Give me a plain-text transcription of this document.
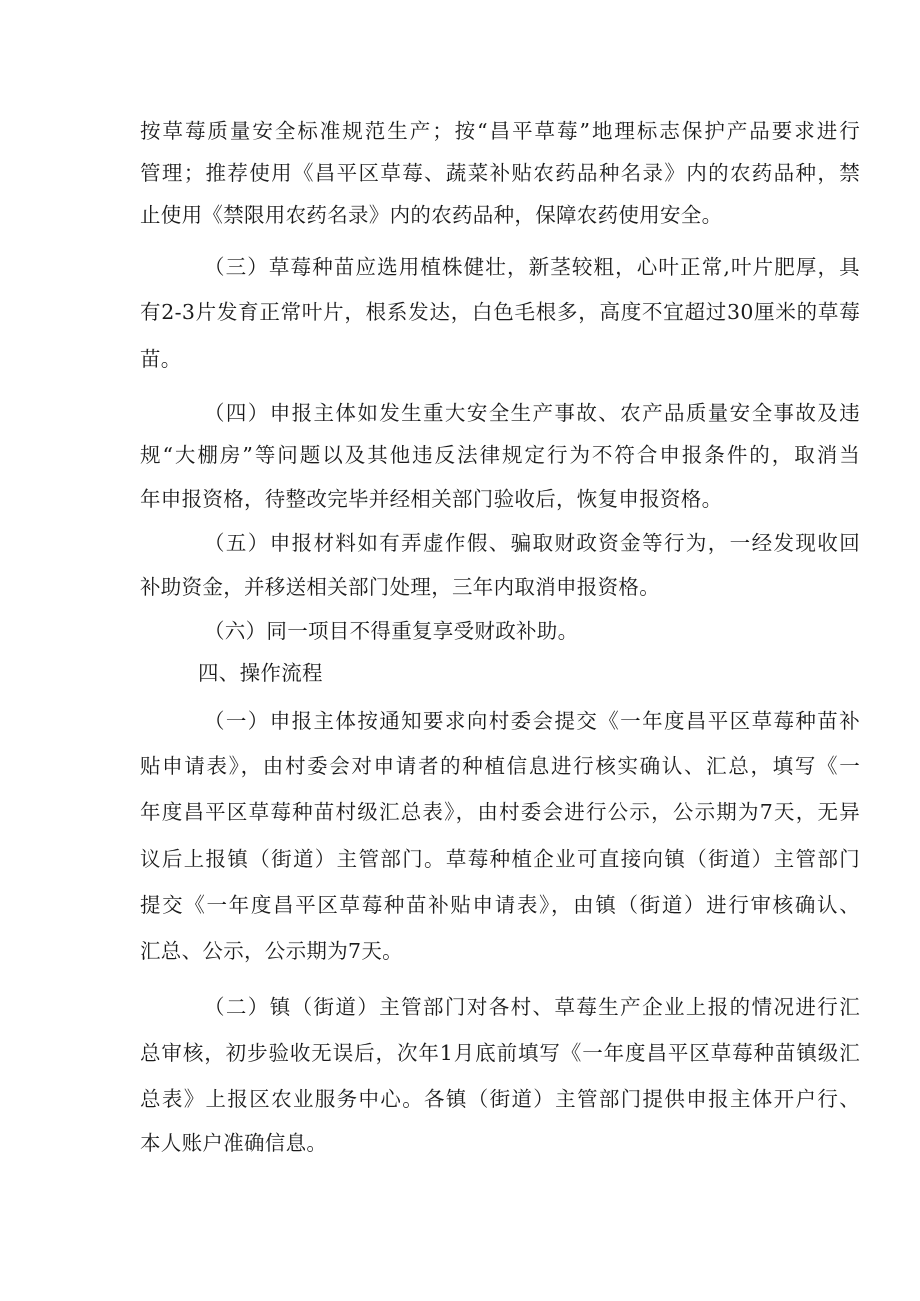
按草莓质量安全标准规范生产；按“昌平草莓”地理标志保护产品要求进行
管理；推荐使用《昌平区草莓、蔬菜补贴农药品种名录》内的农药品种，禁
止使用《禁限用农药名录》内的农药品种，保障农药使用安全。
（三）草莓种苗应选用植株健壮，新茎较粗，心叶正常,叶片肥厚，具
有2-3片发育正常叶片，根系发达，白色毛根多，高度不宜超过30厘米的草莓
苗。
（四）申报主体如发生重大安全生产事故、农产品质量安全事故及违
规“大棚房”等问题以及其他违反法律规定行为不符合申报条件的，取消当
年申报资格，待整改完毕并经相关部门验收后，恢复申报资格。
（五）申报材料如有弄虚作假、骗取财政资金等行为，一经发现收回
补助资金，并移送相关部门处理，三年内取消申报资格。
（六）同一项目不得重复享受财政补助。
四、操作流程
（一）申报主体按通知要求向村委会提交《一年度昌平区草莓种苗补
贴申请表》，由村委会对申请者的种植信息进行核实确认、汇总，填写《一
年度昌平区草莓种苗村级汇总表》，由村委会进行公示，公示期为7天，无异
议后上报镇（街道）主管部门。草莓种植企业可直接向镇（街道）主管部门
提交《一年度昌平区草莓种苗补贴申请表》，由镇（街道）进行审核确认、
汇总、公示，公示期为7天。
（二）镇（街道）主管部门对各村、草莓生产企业上报的情况进行汇
总审核，初步验收无误后，次年1月底前填写《一年度昌平区草莓种苗镇级汇
总表》上报区农业服务中心。各镇（街道）主管部门提供申报主体开户行、
本人账户准确信息。
